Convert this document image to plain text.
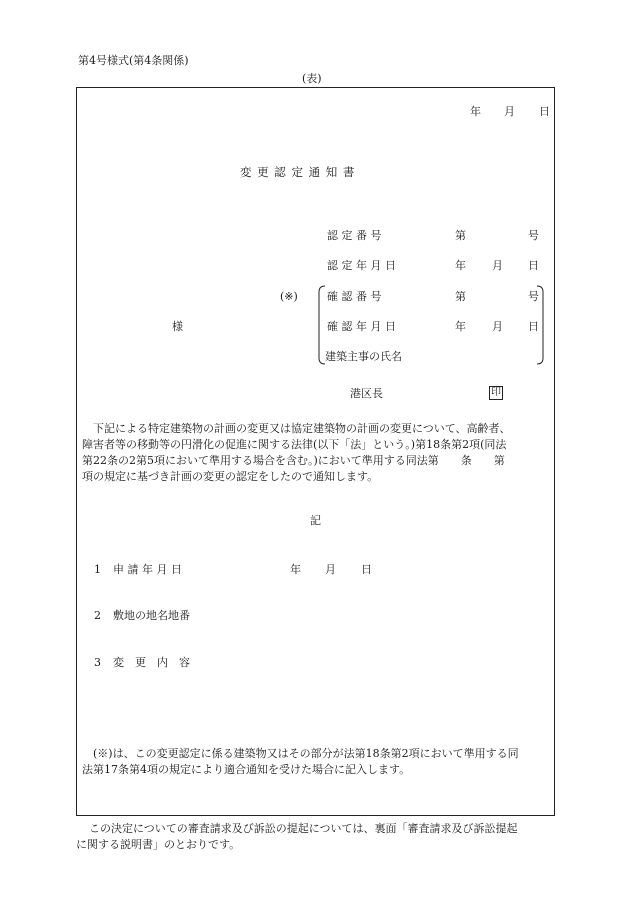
第4号様式(第4条関係)
(表)
年 月 日
変 更 認 定 通 知 書
認 定 番 号	第	号
認 定 年 月 日	年 月 日
(※)	確 認 番 号	第	号
様	確 認 年 月 日	年 月 日
建築主事の氏名
港区長	印
下記による特定建築物の計画の変更又は協定建築物の計画の変更について、高齢者、
障害者等の移動等の円滑化の促進に関する法律(以下「法」という。)第18条第2項(同法
第22条の2第5項において準用する場合を含む。)において準用する同法第　　条　　第
項の規定に基づき計画の変更の認定をしたので通知します。
記
1 申 請 年 月 日	年 月 日
2 敷地の地名地番
3 変　更　内　容
(※)は、この変更認定に係る建築物又はその部分が法第18条第2項において準用する同
法第17条第4項の規定により適合通知を受けた場合に記入します。
この決定についての審査請求及び訴訟の提起については、裏面「審査請求及び訴訟提起
に関する説明書」のとおりです。
